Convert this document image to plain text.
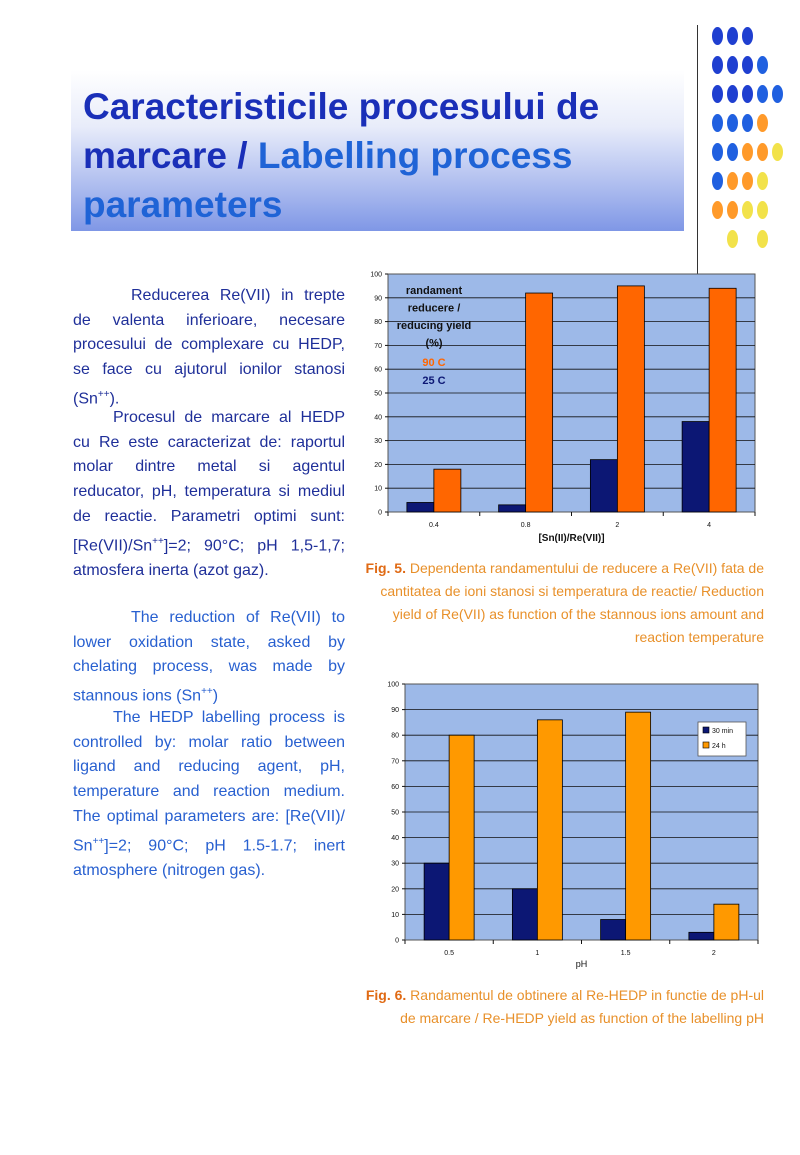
Caracteristicile procesului de marcare / Labelling process parameters

Reducerea Re(VII) in trepte de valenta inferioare, necesare procesului de complexare cu HEDP, se face cu ajutorul ionilor stanosi (Sn++).

Procesul de marcare al HEDP cu Re este caracterizat de: raportul molar dintre metal si agentul reducator, pH, temperatura si mediul de reactie. Parametri optimi sunt: [Re(VII)/Sn++]=2; 90°C; pH 1,5-1,7; atmosfera inerta (azot gaz).

The reduction of Re(VII) to lower oxidation state, asked by chelating process, was made by stannous ions (Sn++)

The HEDP labelling process is controlled by: molar ratio between ligand and reducing agent, pH, temperature and reaction medium. The optimal parameters are: [Re(VII)/ Sn++]=2; 90°C; pH 1.5-1.7; inert atmosphere (nitrogen gas).

0
10
20
30
40
50
60
70
80
90
100
0.4	0.8	2	4
[Sn(II)/Re(VII)]
randament
reducere /
reducing yield
(%)
90 C
25 C

Fig. 5. Dependenta randamentului de reducere a Re(VII) fata de cantitatea de ioni stanosi si temperatura de reactie/ Reduction yield of Re(VII) as function of the stannous ions amount and reaction temperature

0
10
20
30
40
50
60
70
80
90
100
0.5	1	1.5	2
pH
30 min
24 h

Fig. 6. Randamentul de obtinere al Re-HEDP in functie de pH-ul de marcare / Re-HEDP yield as function of the labelling pH
